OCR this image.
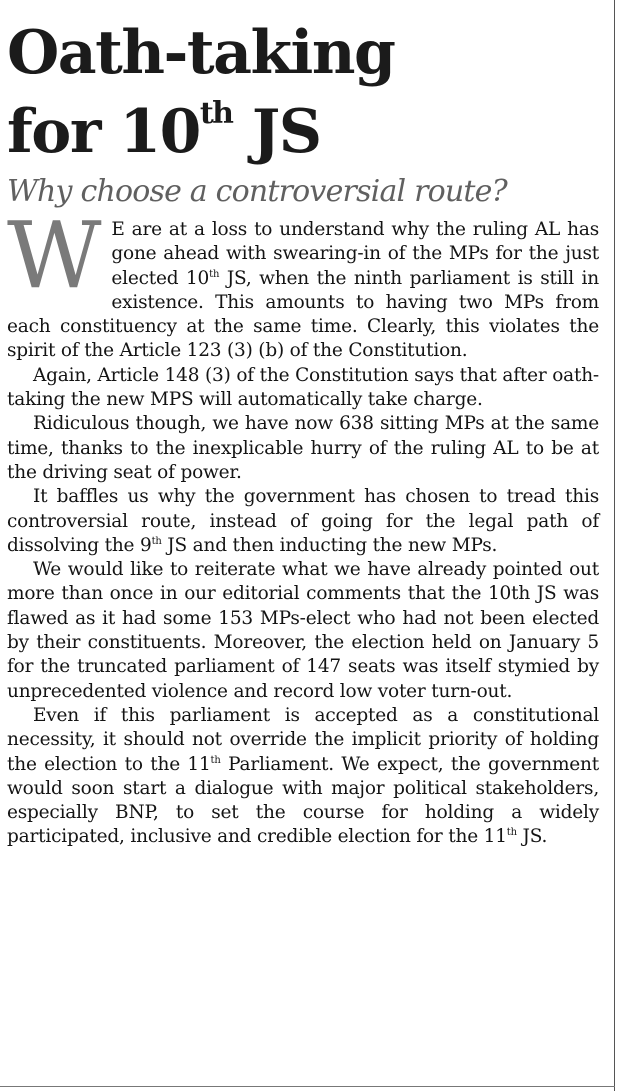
Oath-taking
for 10th JS
Why choose a controversial route?

W E are at a loss to understand why the ruling AL has gone ahead with swearing-in of the MPs for the just elected 10th JS, when the ninth parliament is still in existence. This amounts to having two MPs from each constituency at the same time. Clearly, this violates the spirit of the Article 123 (3) (b) of the Constitution.

Again, Article 148 (3) of the Constitution says that after oath-taking the new MPS will automatically take charge.

Ridiculous though, we have now 638 sitting MPs at the same time, thanks to the inexplicable hurry of the ruling AL to be at the driving seat of power.

It baffles us why the government has chosen to tread this controversial route, instead of going for the legal path of dissolving the 9th JS and then inducting the new MPs.

We would like to reiterate what we have already pointed out more than once in our editorial comments that the 10th JS was flawed as it had some 153 MPs-elect who had not been elected by their constituents. Moreover, the election held on January 5 for the truncated parliament of 147 seats was itself stymied by unprecedented violence and record low voter turn-out.

Even if this parliament is accepted as a constitutional necessity, it should not override the implicit priority of holding the election to the 11th Parliament. We expect, the government would soon start a dialogue with major political stakeholders, especially BNP, to set the course for holding a widely participated, inclusive and credible election for the 11th JS.
